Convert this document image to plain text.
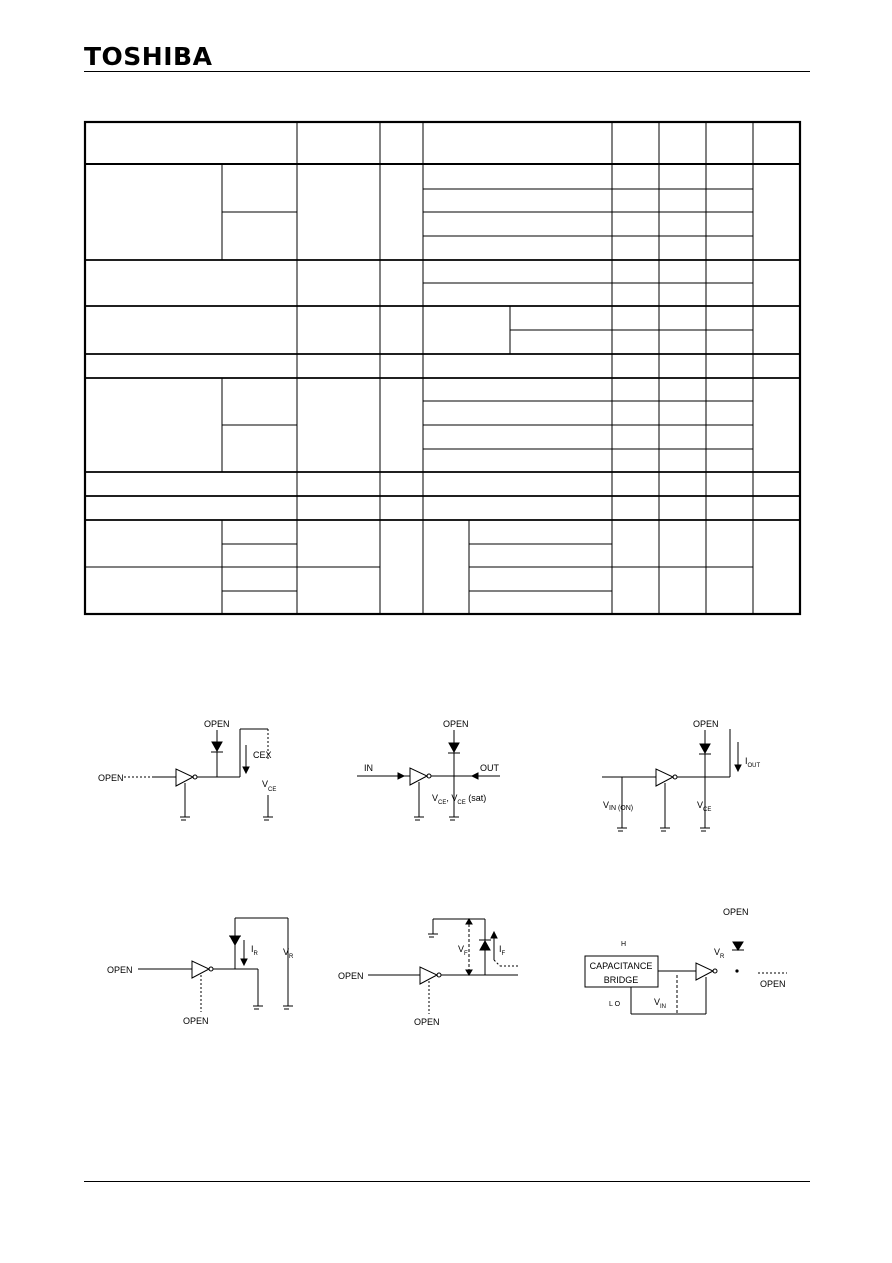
TOSHIBA
OPEN
OPEN
CEX
V
CE
OPEN
IN	OUT
$V_{CE}$, $V_{CE}$ (sat)
OPEN
$I_{OUT}$
$V_{IN (ON)}$	$V_{CE}$
OPEN
OPEN
$I_R$	$V_R$
OPEN
OPEN
$V_F$	$I_F$
OPEN
H
CAPACITANCE
BRIDGE
L O	$V_{IN}$
$V_R$
OPEN
